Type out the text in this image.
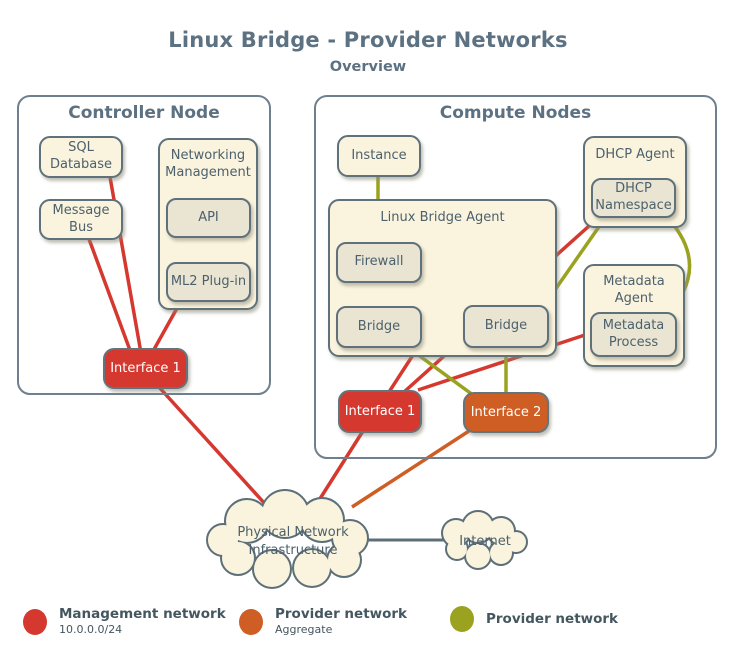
Linux Bridge - Provider Networks
Overview
Controller Node
SQL Database
Message Bus
Networking Management
API
ML2 Plug-in
Interface 1
Compute Nodes
Instance
Linux Bridge Agent
Firewall
Bridge	Bridge
DHCP Agent
DHCP Namespace
Metadata Agent
Metadata Process
Interface 1	Interface 2
Physical Network Infrastructure
Internet
Management network
10.0.0.0/24
Provider network
Aggregate
Provider network
